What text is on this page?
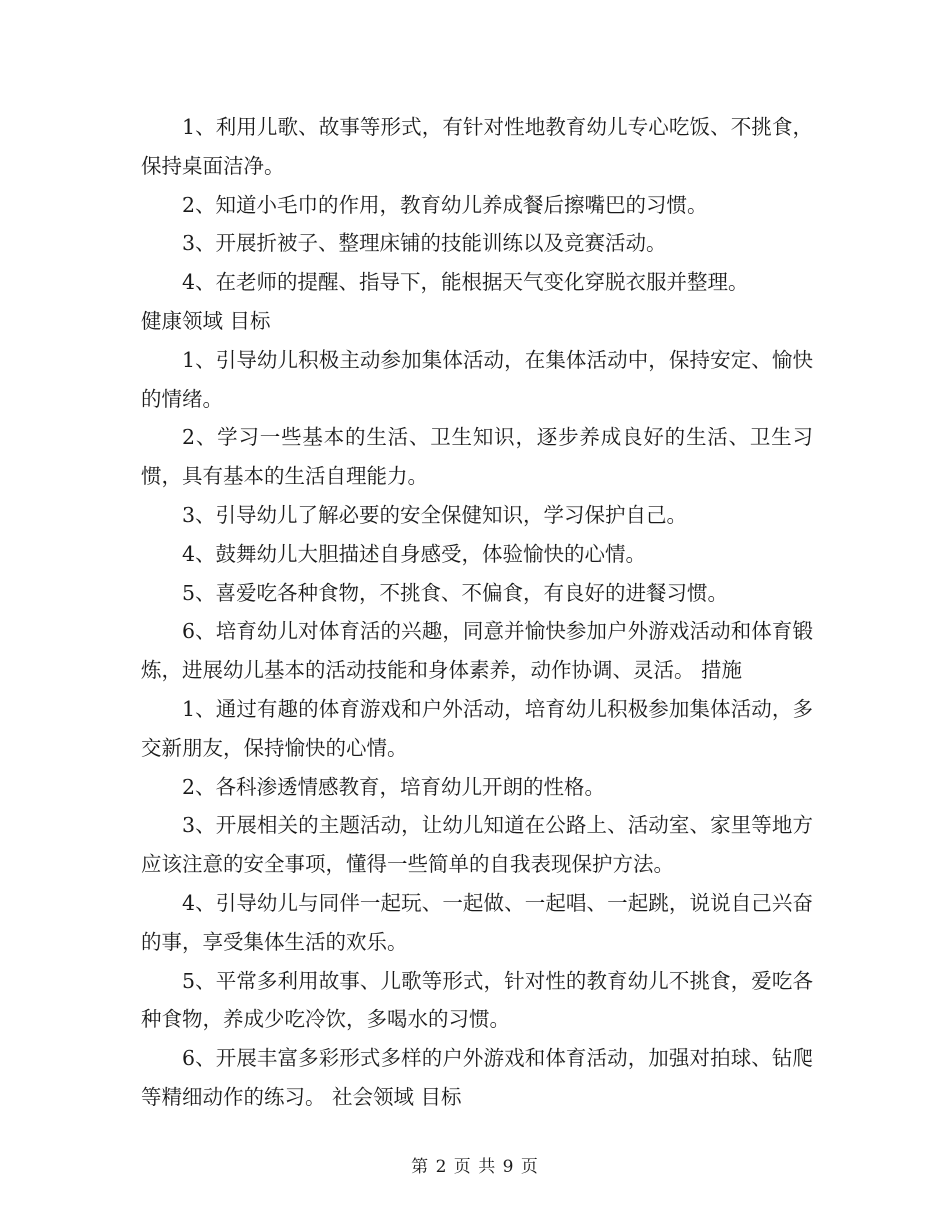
1、利用儿歌、故事等形式，有针对性地教育幼儿专心吃饭、不挑食，保持桌面洁净。

2、知道小毛巾的作用，教育幼儿养成餐后擦嘴巴的习惯。

3、开展折被子、整理床铺的技能训练以及竞赛活动。

4、在老师的提醒、指导下，能根据天气变化穿脱衣服并整理。

健康领域 目标

1、引导幼儿积极主动参加集体活动，在集体活动中，保持安定、愉快的情绪。

2、学习一些基本的生活、卫生知识，逐步养成良好的生活、卫生习惯，具有基本的生活自理能力。

3、引导幼儿了解必要的安全保健知识，学习保护自己。

4、鼓舞幼儿大胆描述自身感受，体验愉快的心情。

5、喜爱吃各种食物，不挑食、不偏食，有良好的进餐习惯。

6、培育幼儿对体育活的兴趣，同意并愉快参加户外游戏活动和体育锻炼，进展幼儿基本的活动技能和身体素养，动作协调、灵活。 措施

1、通过有趣的体育游戏和户外活动，培育幼儿积极参加集体活动，多交新朋友，保持愉快的心情。

2、各科渗透情感教育，培育幼儿开朗的性格。

3、开展相关的主题活动，让幼儿知道在公路上、活动室、家里等地方应该注意的安全事项，懂得一些简单的自我表现保护方法。

4、引导幼儿与同伴一起玩、一起做、一起唱、一起跳，说说自己兴奋的事，享受集体生活的欢乐。

5、平常多利用故事、儿歌等形式，针对性的教育幼儿不挑食，爱吃各种食物，养成少吃冷饮，多喝水的习惯。

6、开展丰富多彩形式多样的户外游戏和体育活动，加强对拍球、钻爬等精细动作的练习。 社会领域 目标

第 2 页 共 9 页
